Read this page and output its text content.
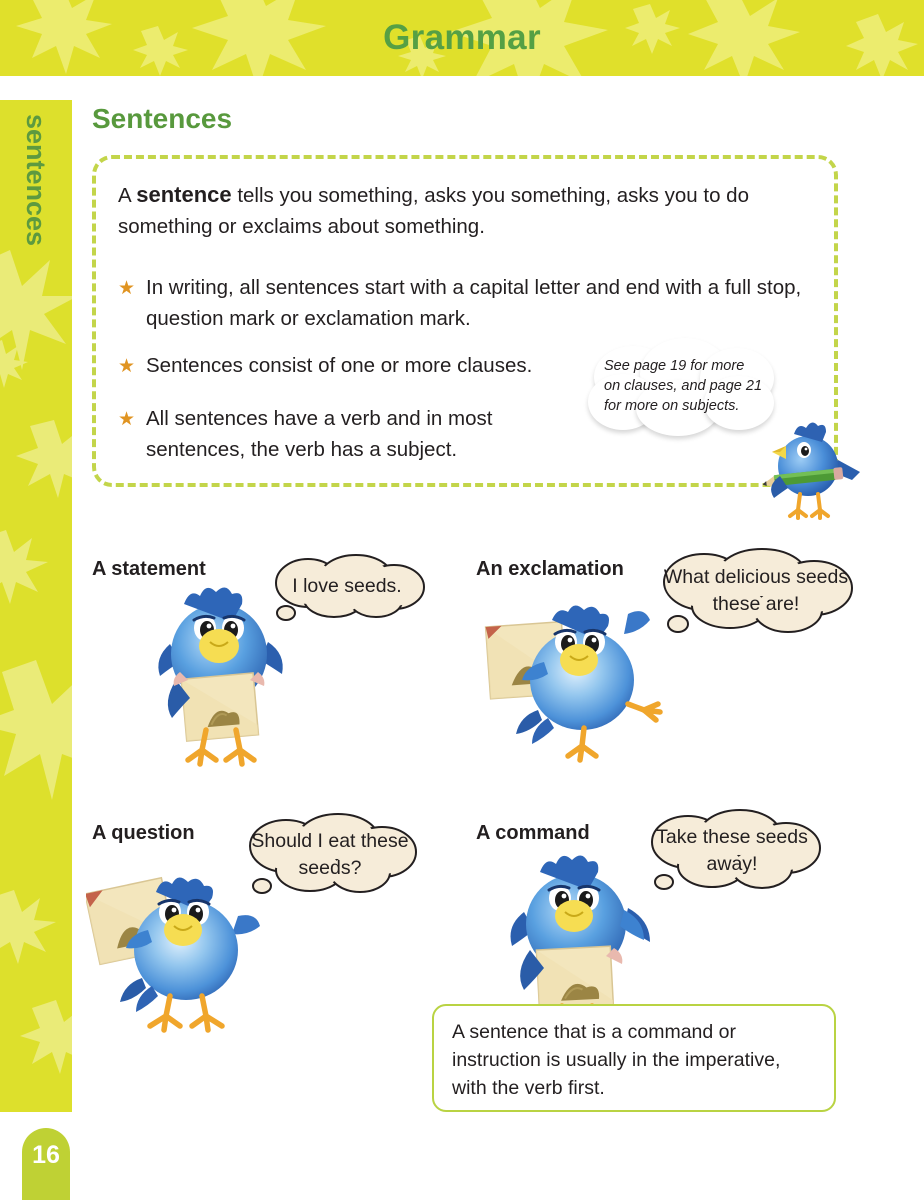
Grammar
sentences
16
Sentences
A sentence tells you something, asks you something, asks you to do something or exclaims about something.
★ In writing, all sentences start with a capital letter and end with a full stop, question mark or exclamation mark.
★ Sentences consist of one or more clauses.
★ All sentences have a verb and in most sentences, the verb has a subject.
See page 19 for more on clauses, and page 21 for more on subjects.
A statement
I love seeds.
An exclamation	What delicious seeds these are!
A question	Should I eat these seeds?
A command	Take these seeds away!
A sentence that is a command or instruction is usually in the imperative, with the verb first.
